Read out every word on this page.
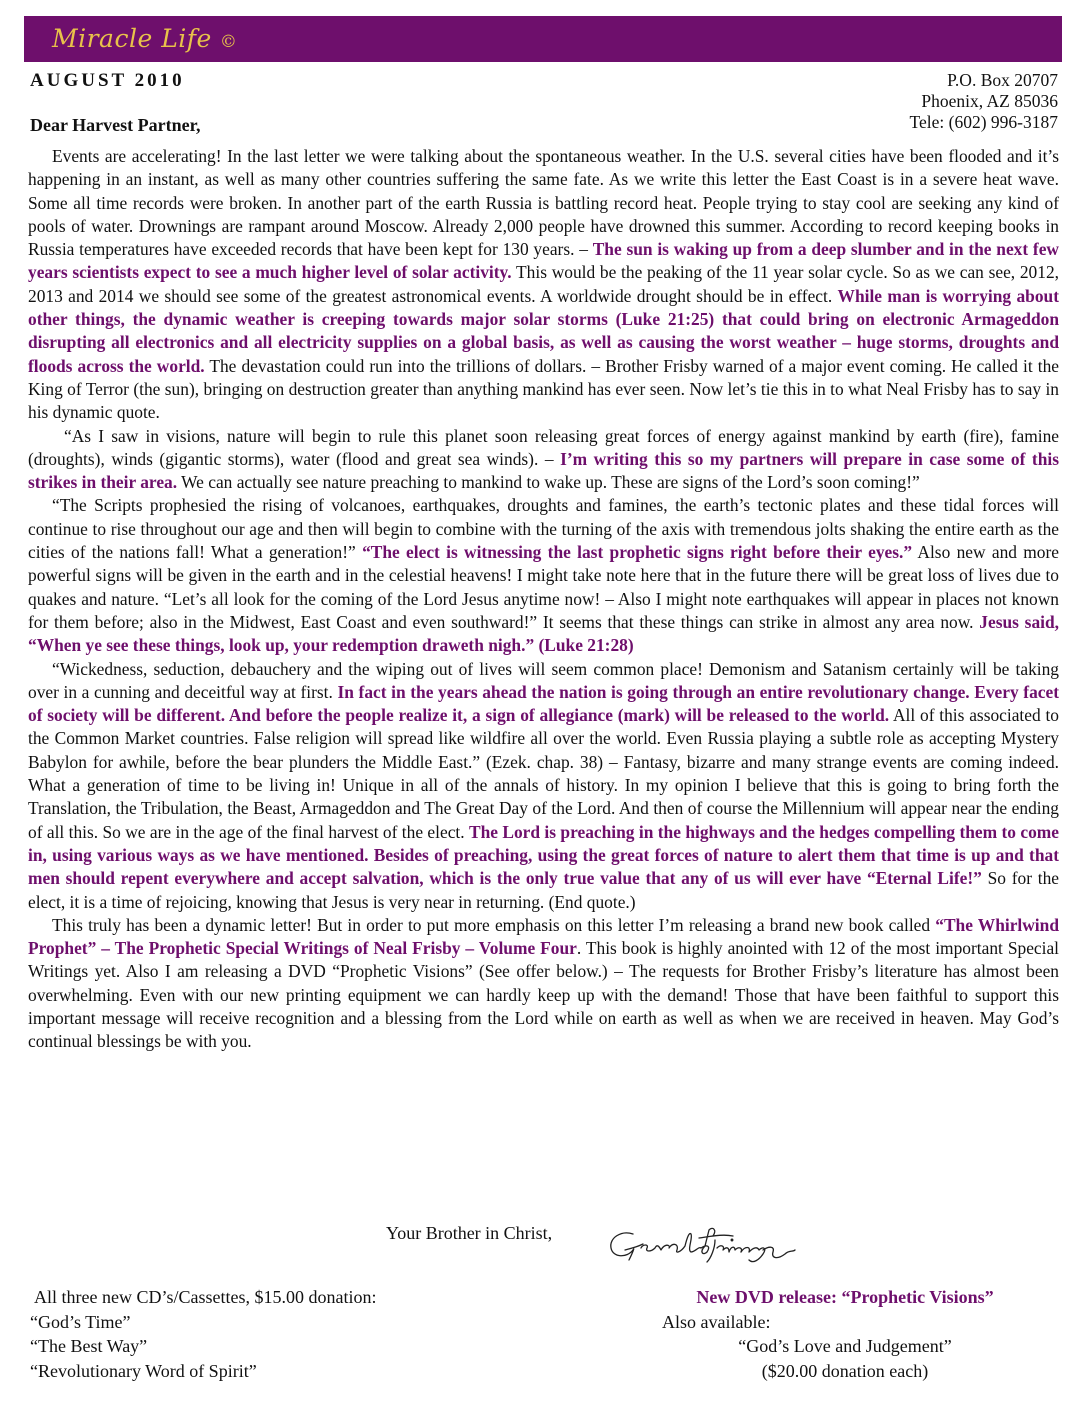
Miracle Life ©
AUGUST 2010	P.O. Box 20707
Phoenix, AZ 85036
Tele: (602) 996-3187
Dear Harvest Partner,

Events are accelerating! In the last letter we were talking about the spontaneous weather. In the U.S. several cities have been flooded and it’s happening in an instant, as well as many other countries suffering the same fate. As we write this letter the East Coast is in a severe heat wave. Some all time records were broken. In another part of the earth Russia is battling record heat. People trying to stay cool are seeking any kind of pools of water. Drownings are rampant around Moscow. Already 2,000 people have drowned this summer. According to record keeping books in Russia temperatures have exceeded records that have been kept for 130 years. – The sun is waking up from a deep slumber and in the next few years scientists expect to see a much higher level of solar activity. This would be the peaking of the 11 year solar cycle. So as we can see, 2012, 2013 and 2014 we should see some of the greatest astronomical events. A worldwide drought should be in effect. While man is worrying about other things, the dynamic weather is creeping towards major solar storms (Luke 21:25) that could bring on electronic Armageddon disrupting all electronics and all electricity supplies on a global basis, as well as causing the worst weather – huge storms, droughts and floods across the world. The devastation could run into the trillions of dollars. – Brother Frisby warned of a major event coming. He called it the King of Terror (the sun), bringing on destruction greater than anything mankind has ever seen. Now let’s tie this in to what Neal Frisby has to say in his dynamic quote.

“As I saw in visions, nature will begin to rule this planet soon releasing great forces of energy against mankind by earth (fire), famine (droughts), winds (gigantic storms), water (flood and great sea winds). – I’m writing this so my partners will prepare in case some of this strikes in their area. We can actually see nature preaching to mankind to wake up. These are signs of the Lord’s soon coming!”

“The Scripts prophesied the rising of volcanoes, earthquakes, droughts and famines, the earth’s tectonic plates and these tidal forces will continue to rise throughout our age and then will begin to combine with the turning of the axis with tremendous jolts shaking the entire earth as the cities of the nations fall! What a generation!” “The elect is witnessing the last prophetic signs right before their eyes.” Also new and more powerful signs will be given in the earth and in the celestial heavens! I might take note here that in the future there will be great loss of lives due to quakes and nature. “Let’s all look for the coming of the Lord Jesus anytime now! – Also I might note earthquakes will appear in places not known for them before; also in the Midwest, East Coast and even southward!” It seems that these things can strike in almost any area now. Jesus said, “When ye see these things, look up, your redemption draweth nigh.” (Luke 21:28)

“Wickedness, seduction, debauchery and the wiping out of lives will seem common place! Demonism and Satanism certainly will be taking over in a cunning and deceitful way at first. In fact in the years ahead the nation is going through an entire revolutionary change. Every facet of society will be different. And before the people realize it, a sign of allegiance (mark) will be released to the world. All of this associated to the Common Market countries. False religion will spread like wildfire all over the world. Even Russia playing a subtle role as accepting Mystery Babylon for awhile, before the bear plunders the Middle East.” (Ezek. chap. 38) – Fantasy, bizarre and many strange events are coming indeed. What a generation of time to be living in! Unique in all of the annals of history. In my opinion I believe that this is going to bring forth the Translation, the Tribulation, the Beast, Armageddon and The Great Day of the Lord. And then of course the Millennium will appear near the ending of all this. So we are in the age of the final harvest of the elect. The Lord is preaching in the highways and the hedges compelling them to come in, using various ways as we have mentioned. Besides of preaching, using the great forces of nature to alert them that time is up and that men should repent everywhere and accept salvation, which is the only true value that any of us will ever have “Eternal Life!” So for the elect, it is a time of rejoicing, knowing that Jesus is very near in returning. (End quote.)

This truly has been a dynamic letter! But in order to put more emphasis on this letter I’m releasing a brand new book called “The Whirlwind Prophet” – The Prophetic Special Writings of Neal Frisby – Volume Four. This book is highly anointed with 12 of the most important Special Writings yet. Also I am releasing a DVD “Prophetic Visions” (See offer below.) – The requests for Brother Frisby’s literature has almost been overwhelming. Even with our new printing equipment we can hardly keep up with the demand! Those that have been faithful to support this important message will receive recognition and a blessing from the Lord while on earth as well as when we are received in heaven. May God’s continual blessings be with you.

Your Brother in Christ,
All three new CD’s/Cassettes, $15.00 donation:
“God’s Time”
“The Best Way”
“Revolutionary Word of Spirit”
New DVD release: “Prophetic Visions”
Also available:
“God’s Love and Judgement”
($20.00 donation each)
